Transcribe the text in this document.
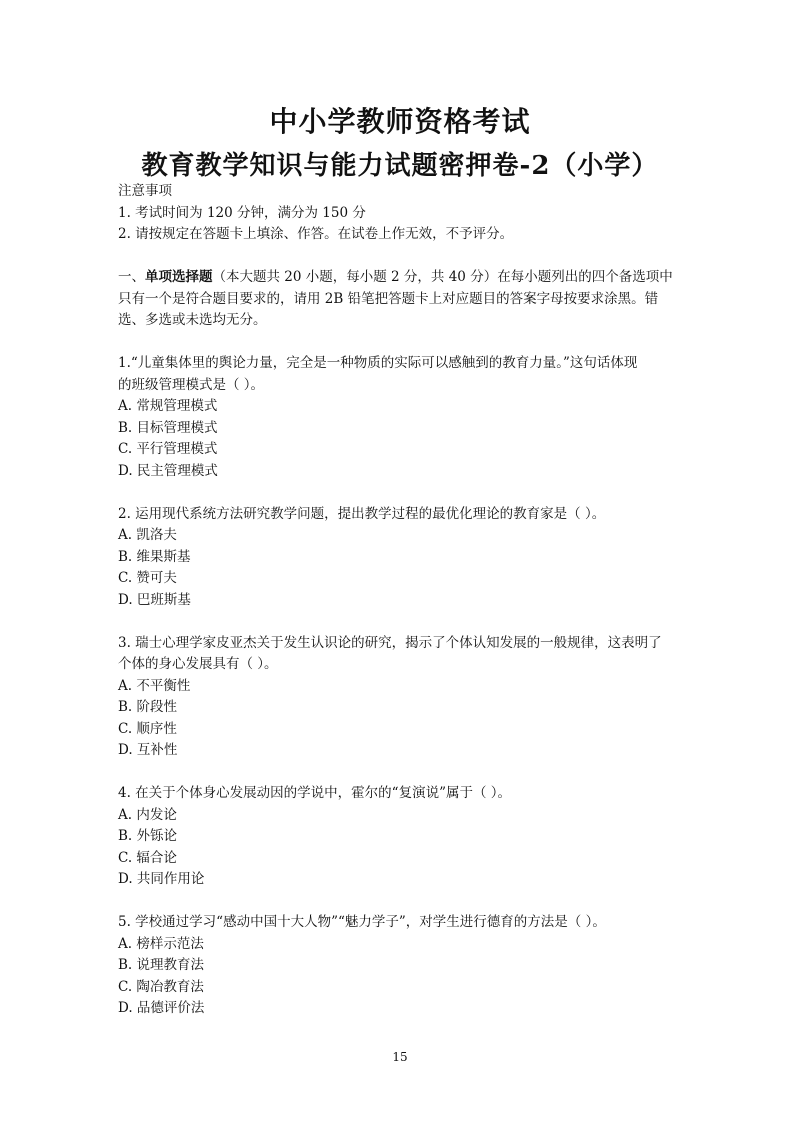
中小学教师资格考试
教育教学知识与能力试题密押卷-2（小学）
注意事项
1. 考试时间为 120 分钟，满分为 150 分
2. 请按规定在答题卡上填涂、作答。在试卷上作无效，不予评分。
一、单项选择题（本大题共 20 小题，每小题 2 分，共 40 分）在每小题列出的四个备选项中
只有一个是符合题目要求的，请用 2B 铅笔把答题卡上对应题目的答案字母按要求涂黑。错
选、多选或未选均无分。
1.“儿童集体里的舆论力量，完全是一种物质的实际可以感触到的教育力量。”这句话体现
的班级管理模式是（ ）。
A. 常规管理模式
B. 目标管理模式
C. 平行管理模式
D. 民主管理模式
2. 运用现代系统方法研究教学问题，提出教学过程的最优化理论的教育家是（ ）。
A. 凯洛夫
B. 维果斯基
C. 赞可夫
D. 巴班斯基
3. 瑞士心理学家皮亚杰关于发生认识论的研究，揭示了个体认知发展的一般规律，这表明了
个体的身心发展具有（ ）。
A. 不平衡性
B. 阶段性
C. 顺序性
D. 互补性
4. 在关于个体身心发展动因的学说中，霍尔的“复演说”属于（ ）。
A. 内发论
B. 外铄论
C. 辐合论
D. 共同作用论
5. 学校通过学习“感动中国十大人物”“魅力学子”，对学生进行德育的方法是（ ）。
A. 榜样示范法
B. 说理教育法
C. 陶冶教育法
D. 品德评价法
15
